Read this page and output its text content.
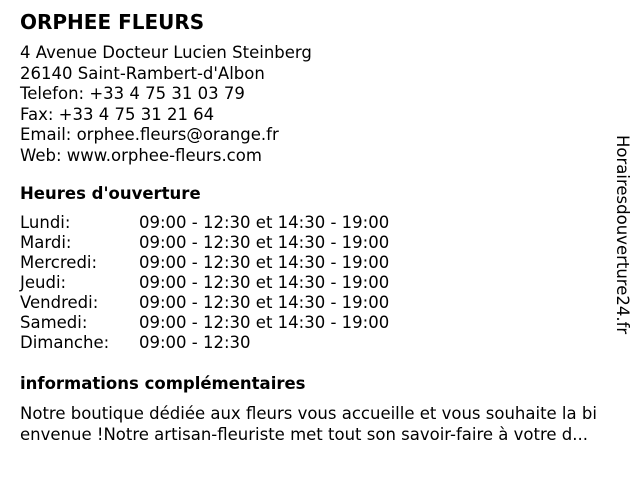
ORPHEE FLEURS
4 Avenue Docteur Lucien Steinberg
26140 Saint-Rambert-d'Albon
Telefon: +33 4 75 31 03 79
Fax: +33 4 75 31 21 64
Email: orphee.fleurs@orange.fr
Web: www.orphee-fleurs.com
Heures d'ouverture
Lundi:	09:00 - 12:30 et 14:30 - 19:00
Mardi:	09:00 - 12:30 et 14:30 - 19:00
Mercredi:	09:00 - 12:30 et 14:30 - 19:00
Jeudi:	09:00 - 12:30 et 14:30 - 19:00
Vendredi: 09:00 - 12:30 et 14:30 - 19:00
Samedi:	09:00 - 12:30 et 14:30 - 19:00
Dimanche: 09:00 - 12:30
informations complémentaires
Notre boutique dédiée aux fleurs vous accueille et vous souhaite la bi
envenue !Notre artisan-fleuriste met tout son savoir-faire à votre d...
Horairesdouverture24.fr
